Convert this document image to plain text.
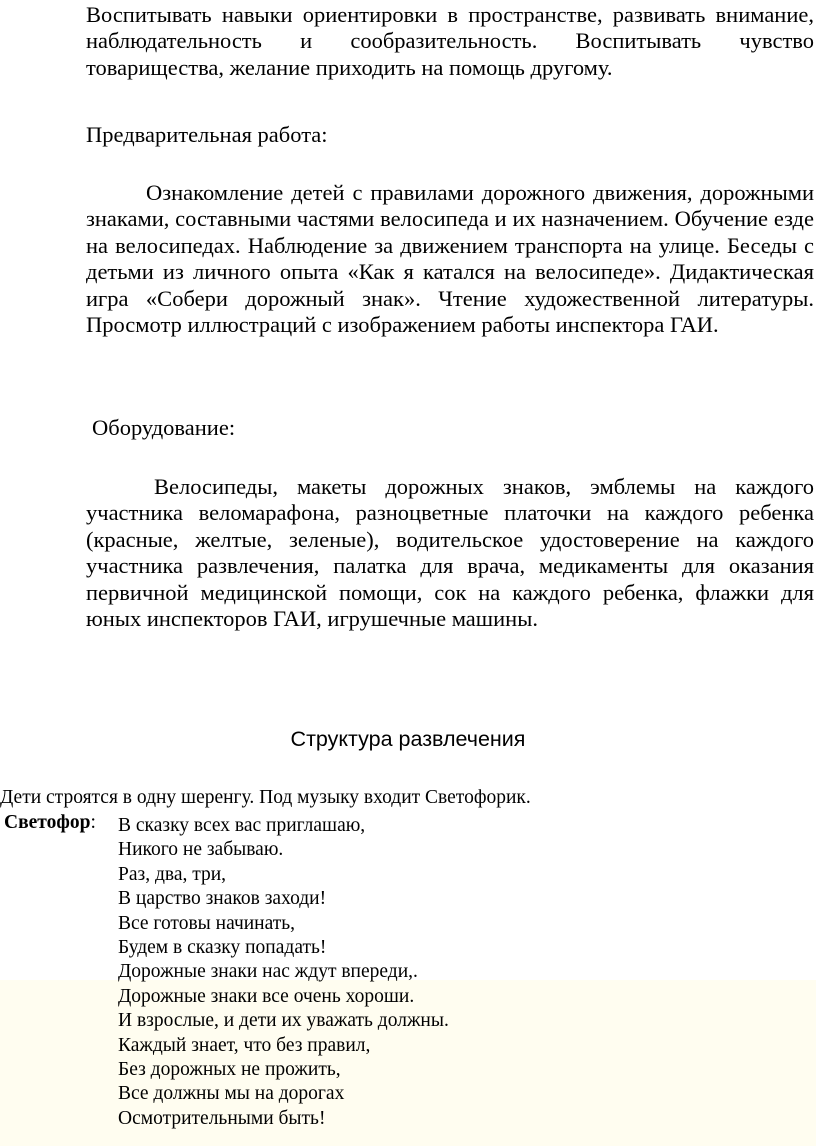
Воспитывать навыки ориентировки в пространстве, развивать внимание, наблюдательность и сообразительность. Воспитывать чувство товарищества, желание приходить на помощь другому.

Предварительная работа:

Ознакомление детей с правилами дорожного движения, дорожными знаками, составными частями велосипеда и их назначением. Обучение езде на велосипедах. Наблюдение за движением транспорта на улице. Беседы с детьми из личного опыта «Как я катался на велосипеде». Дидактическая игра «Собери дорожный знак». Чтение художественной литературы. Просмотр иллюстраций с изображением работы инспектора ГАИ.

Оборудование:

Велосипеды, макеты дорожных знаков, эмблемы на каждого участника веломарафона, разноцветные платочки на каждого ребенка (красные, желтые, зеленые), водительское удостоверение на каждого участника развлечения, палатка для врача, медикаменты для оказания первичной медицинской помощи, сок на каждого ребенка, флажки для юных инспекторов ГАИ, игрушечные машины.

Структура развлечения

Дети строятся в одну шеренгу. Под музыку входит Светофорик.

Светофор: В сказку всех вас приглашаю,
Никого не забываю.
Раз, два, три,
В царство знаков заходи!
Все готовы начинать,
Будем в сказку попадать!
Дорожные знаки нас ждут впереди,.
Дорожные знаки все очень хороши.
И взрослые, и дети их уважать должны.
Каждый знает, что без правил,
Без дорожных не прожить,
Все должны мы на дорогах
Осмотрительными быть!
